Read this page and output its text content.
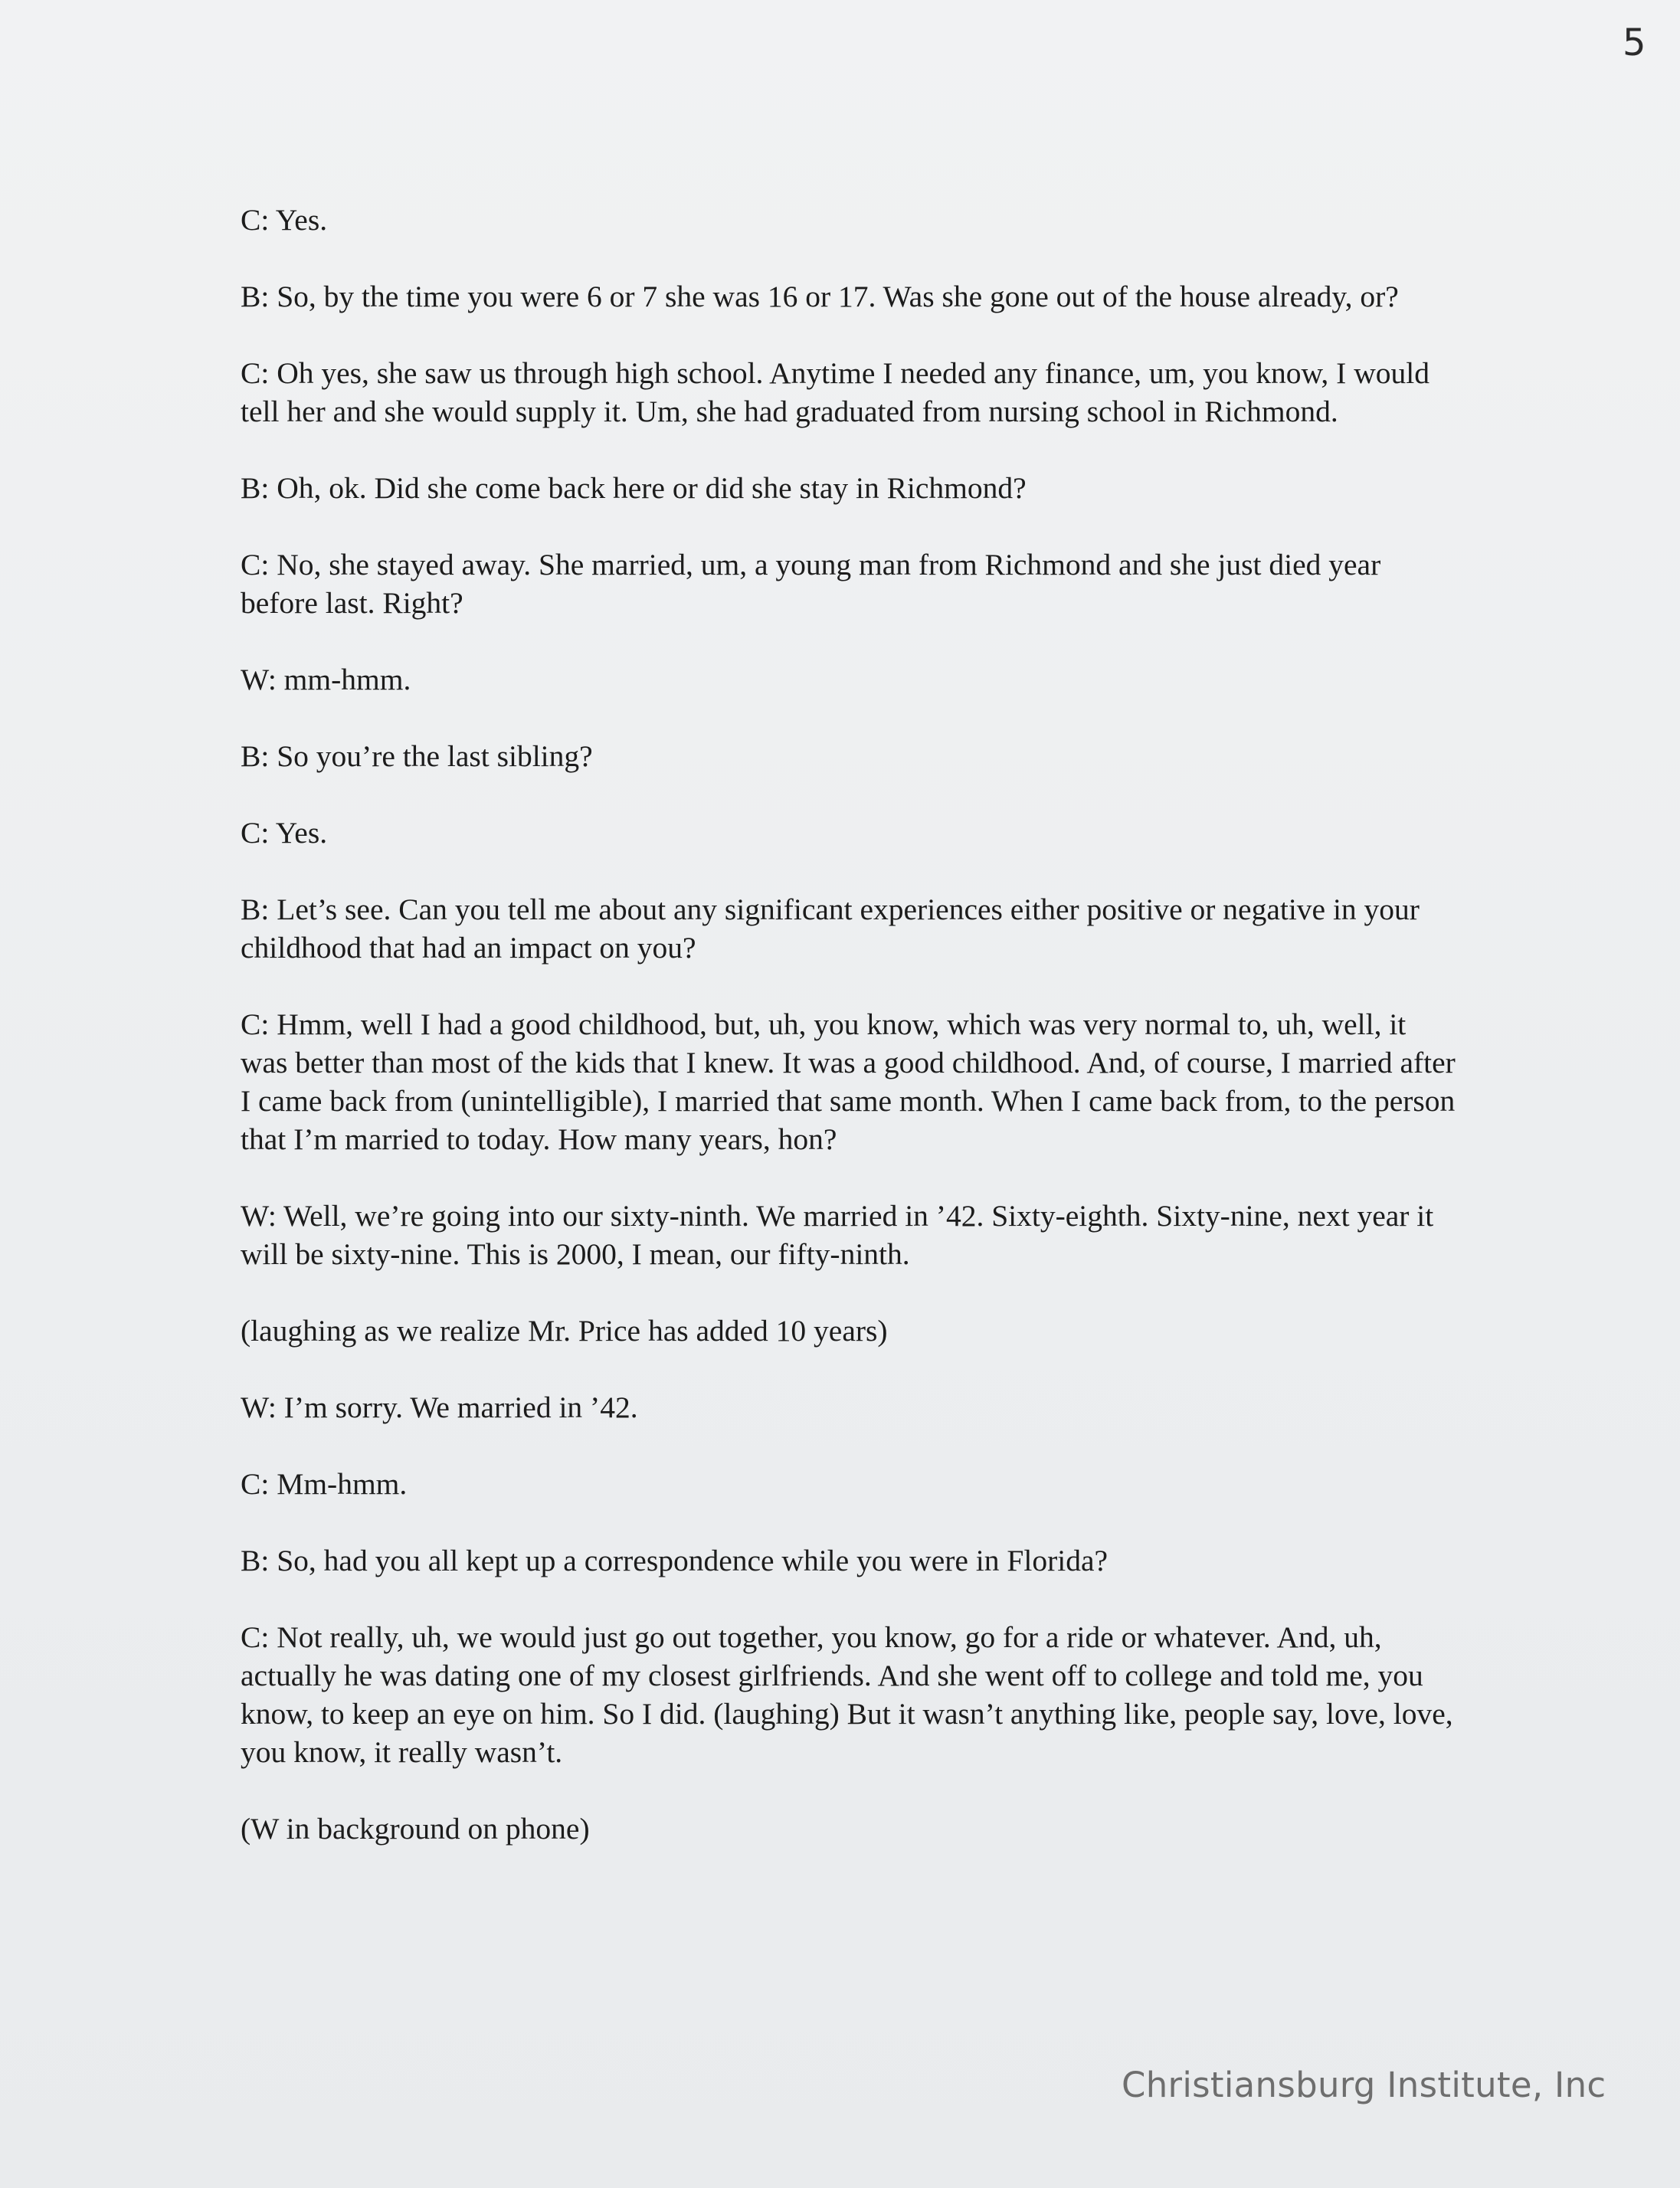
5

C: Yes.

B: So, by the time you were 6 or 7 she was 16 or 17. Was she gone out of the house already, or?

C: Oh yes, she saw us through high school. Anytime I needed any finance, um, you know, I would tell her and she would supply it. Um, she had graduated from nursing school in Richmond.

B: Oh, ok. Did she come back here or did she stay in Richmond?

C: No, she stayed away. She married, um, a young man from Richmond and she just died year before last. Right?

W: mm-hmm.

B: So you’re the last sibling?

C: Yes.

B: Let’s see. Can you tell me about any significant experiences either positive or negative in your childhood that had an impact on you?

C: Hmm, well I had a good childhood, but, uh, you know, which was very normal to, uh, well, it was better than most of the kids that I knew. It was a good childhood. And, of course, I married after I came back from (unintelligible), I married that same month. When I came back from, to the person that I’m married to today. How many years, hon?

W: Well, we’re going into our sixty-ninth. We married in ’42. Sixty-eighth. Sixty-nine, next year it will be sixty-nine. This is 2000, I mean, our fifty-ninth.

(laughing as we realize Mr. Price has added 10 years)

W: I’m sorry. We married in ’42.

C: Mm-hmm.

B: So, had you all kept up a correspondence while you were in Florida?

C: Not really, uh, we would just go out together, you know, go for a ride or whatever. And, uh, actually he was dating one of my closest girlfriends. And she went off to college and told me, you know, to keep an eye on him. So I did. (laughing) But it wasn’t anything like, people say, love, love, you know, it really wasn’t.

(W in background on phone)

Christiansburg Institute, Inc
